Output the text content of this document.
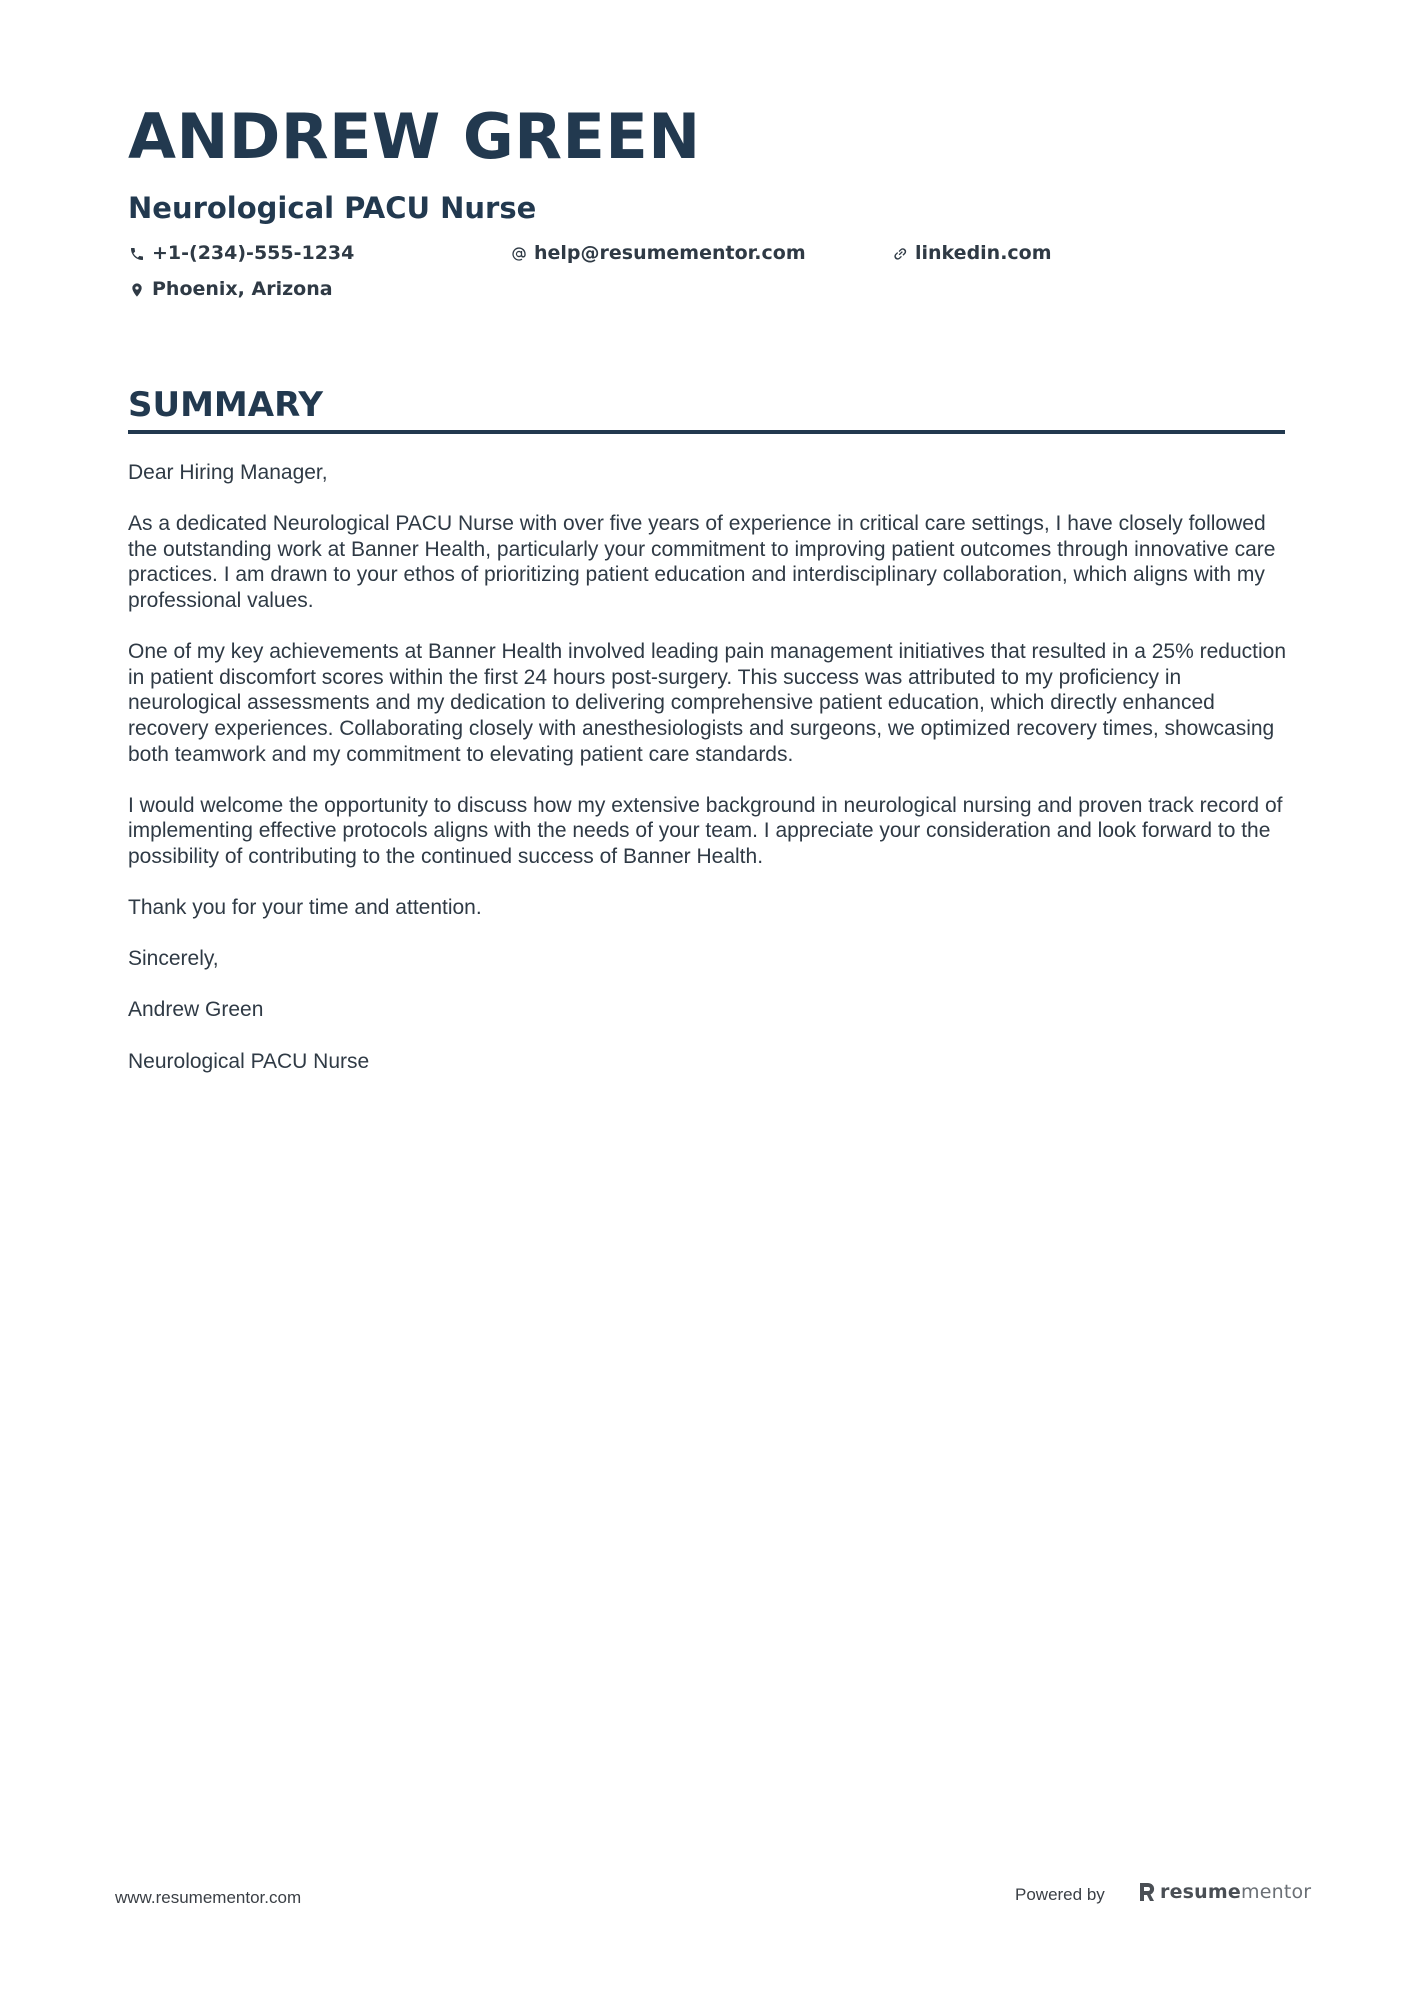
ANDREW GREEN
Neurological PACU Nurse
+1-(234)-555-1234	help@resumementor.com	linkedin.com
Phoenix, Arizona
SUMMARY

Dear Hiring Manager,

As a dedicated Neurological PACU Nurse with over five years of experience in critical care settings, I have closely followed the outstanding work at Banner Health, particularly your commitment to improving patient outcomes through innovative care practices. I am drawn to your ethos of prioritizing patient education and interdisciplinary collaboration, which aligns with my professional values.

One of my key achievements at Banner Health involved leading pain management initiatives that resulted in a 25% reduction in patient discomfort scores within the first 24 hours post-surgery. This success was attributed to my proficiency in neurological assessments and my dedication to delivering comprehensive patient education, which directly enhanced recovery experiences. Collaborating closely with anesthesiologists and surgeons, we optimized recovery times, showcasing both teamwork and my commitment to elevating patient care standards.

I would welcome the opportunity to discuss how my extensive background in neurological nursing and proven track record of implementing effective protocols aligns with the needs of your team. I appreciate your consideration and look forward to the possibility of contributing to the continued success of Banner Health.

Thank you for your time and attention.

Sincerely,

Andrew Green

Neurological PACU Nurse

www.resumementor.com	Powered by	resumementor
